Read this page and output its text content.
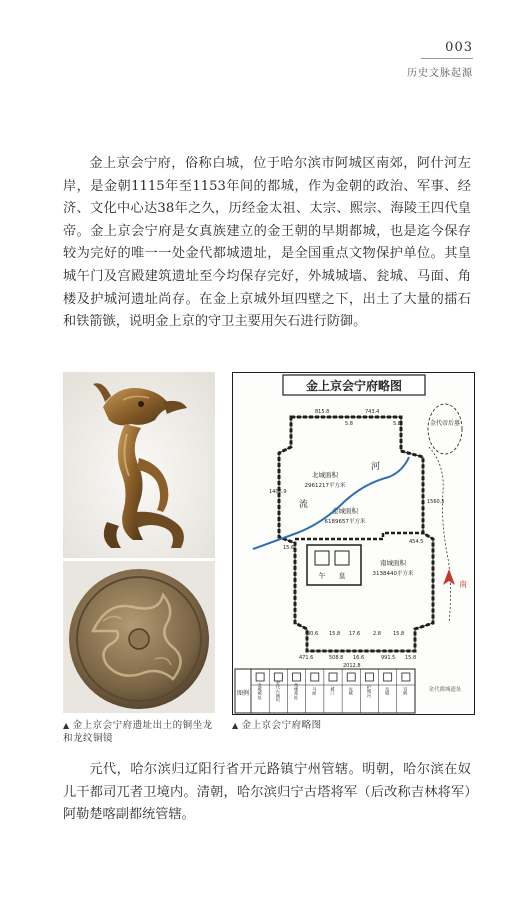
003
历史文脉起源

金上京会宁府，俗称白城，位于哈尔滨市阿城区南郊，阿什河左岸，是金朝1115年至1153年间的都城，作为金朝的政治、军事、经济、文化中心达38年之久，历经金太祖、太宗、熙宗、海陵王四代皇帝。金上京会宁府是女真族建立的金王朝的早期都城，也是迄今保存较为完好的唯一一处金代都城遗址，是全国重点文物保护单位。其皇城午门及宫殿建筑遗址至今均保存完好，外城城墙、瓮城、马面、角楼及护城河遗址尚存。在金上京城外垣四壁之下，出土了大量的擂石和铁箭镞，说明金上京的守卫主要用矢石进行防御。

金上京会宁府略图
金代帝后墓
午 皇
北城面积
2961217平方米
金城面积
6189657平方米
南城面积
3138440平方米
河
流
815.8	743.4
5.8	5.8
1406.9
15.6
1560.5
454.5
80.6 15.8 17.6	2.8 15.8
471.6	508.8 16.6	991.5 15.8
2012.8
南
图例 金城城址	金代古城垣	角楼基址	马面	城门	瓮城	护城河	皇城	宫殿	金代都城遗址
▲ 金上京会宁府遗址出土的铜坐龙和龙纹铜镜
▲ 金上京会宁府略图

元代，哈尔滨归辽阳行省开元路镇宁州管辖。明朝，哈尔滨在奴儿干都司兀者卫境内。清朝，哈尔滨归宁古塔将军（后改称吉林将军）阿勒楚喀副都统管辖。
